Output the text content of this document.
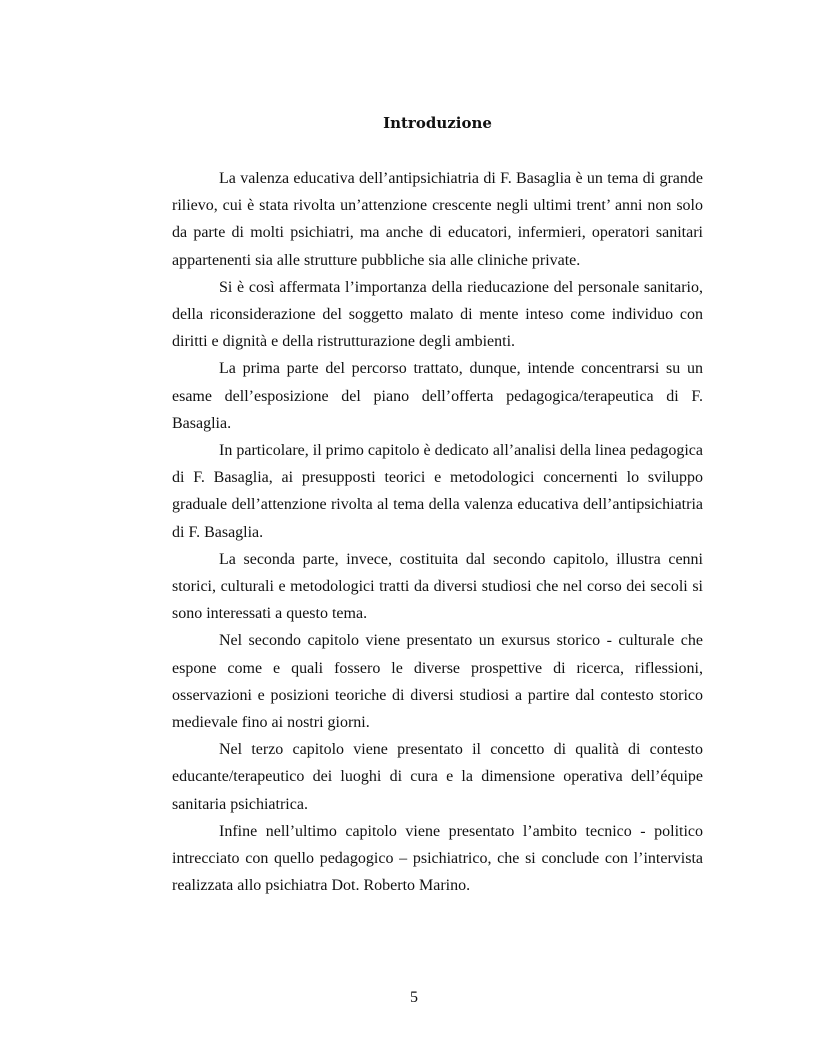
Introduzione

La valenza educativa dell’antipsichiatria di F. Basaglia è un tema di grande rilievo, cui è stata rivolta un’attenzione crescente negli ultimi trent’ anni non solo da parte di molti psichiatri, ma anche di educatori, infermieri, operatori sanitari appartenenti sia alle strutture pubbliche sia alle cliniche private.

Si è così affermata l’importanza della rieducazione del personale sanitario, della riconsiderazione del soggetto malato di mente inteso come individuo con diritti e dignità e della ristrutturazione degli ambienti.

La prima parte del percorso trattato, dunque, intende concentrarsi su un esame dell’esposizione del piano dell’offerta pedagogica/terapeutica di F. Basaglia.

In particolare, il primo capitolo è dedicato all’analisi della linea pedagogica di F. Basaglia, ai presupposti teorici e metodologici concernenti lo sviluppo graduale dell’attenzione rivolta al tema della valenza educativa dell’antipsichiatria di F. Basaglia.

La seconda parte, invece, costituita dal secondo capitolo, illustra cenni storici, culturali e metodologici tratti da diversi studiosi che nel corso dei secoli si sono interessati a questo tema.

Nel secondo capitolo viene presentato un exursus storico - culturale che espone come e quali fossero le diverse prospettive di ricerca, riflessioni, osservazioni e posizioni teoriche di diversi studiosi a partire dal contesto storico medievale fino ai nostri giorni.

Nel terzo capitolo viene presentato il concetto di qualità di contesto educante/terapeutico dei luoghi di cura e la dimensione operativa dell’équipe sanitaria psichiatrica.

Infine nell’ultimo capitolo viene presentato l’ambito tecnico - politico intrecciato con quello pedagogico – psichiatrico, che si conclude con l’intervista realizzata allo psichiatra Dot. Roberto Marino.

5
